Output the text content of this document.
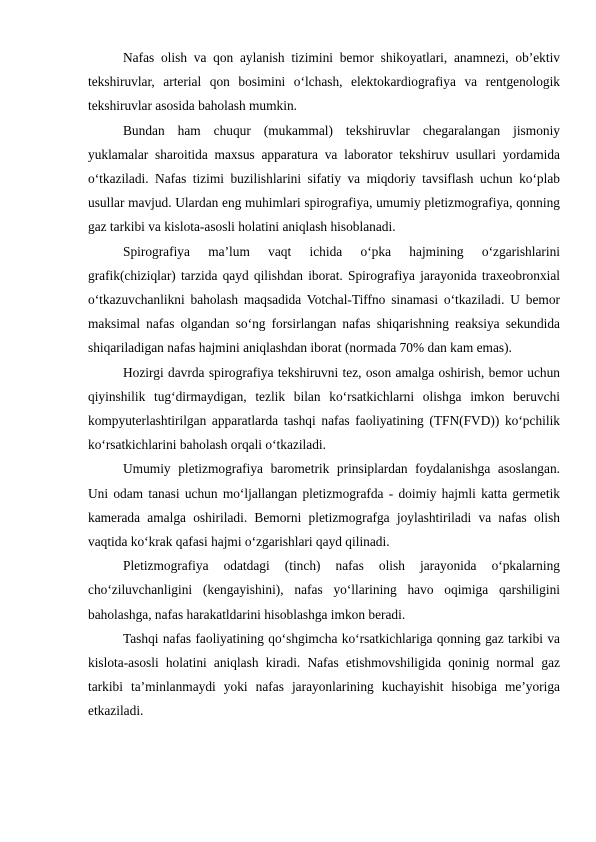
Nafas olish va qon aylanish tizimini bemor shikoyatlari, anamnezi, ob’ektiv tekshiruvlar, arterial qon bosimini o‘lchash, elektokardiografiya va rentgenologik tekshiruvlar asosida baholash mumkin.

Bundan ham chuqur (mukammal) tekshiruvlar chegaralangan jismoniy yuklamalar sharoitida maxsus apparatura va laborator tekshiruv usullari yordamida o‘tkaziladi. Nafas tizimi buzilishlarini sifatiy va miqdoriy tavsiflash uchun ko‘plab usullar mavjud. Ulardan eng muhimlari spirografiya, umumiy pletizmografiya, qonning gaz tarkibi va kislota-asosli holatini aniqlash hisoblanadi.

Spirografiya ma’lum vaqt ichida o‘pka hajmining o‘zgarishlarini grafik(chiziqlar) tarzida qayd qilishdan iborat. Spirografiya jarayonida traxeobronxial o‘tkazuvchanlikni baholash maqsadida Votchal-Tiffno sinamasi o‘tkaziladi. U bemor maksimal nafas olgandan so‘ng forsirlangan nafas shiqarishning reaksiya sekundida shiqariladigan nafas hajmini aniqlashdan iborat (normada 70% dan kam emas).

Hozirgi davrda spirografiya tekshiruvni tez, oson amalga oshirish, bemor uchun qiyinshilik tug‘dirmaydigan, tezlik bilan ko‘rsatkichlarni olishga imkon beruvchi kompyuterlashtirilgan apparatlarda tashqi nafas faoliyatining (TFN(FVD)) ko‘pchilik ko‘rsatkichlarini baholash orqali o‘tkaziladi.

Umumiy pletizmografiya barometrik prinsiplardan foydalanishga asoslangan. Uni odam tanasi uchun mo‘ljallangan pletizmografda - doimiy hajmli katta germetik kamerada amalga oshiriladi. Bemorni pletizmografga joylashtiriladi va nafas olish vaqtida ko‘krak qafasi hajmi o‘zgarishlari qayd qilinadi.

Pletizmografiya odatdagi (tinch) nafas olish jarayonida o‘pkalarning cho‘ziluvchanligini (kengayishini), nafas yo‘llarining havo oqimiga qarshiligini baholashga, nafas harakatldarini hisoblashga imkon beradi.

Tashqi nafas faoliyatining qo‘shgimcha ko‘rsatkichlariga qonning gaz tarkibi va kislota-asosli holatini aniqlash kiradi. Nafas etishmovshiligida qoninig normal gaz tarkibi ta’minlanmaydi yoki nafas jarayonlarining kuchayishit hisobiga me’yoriga etkaziladi.
